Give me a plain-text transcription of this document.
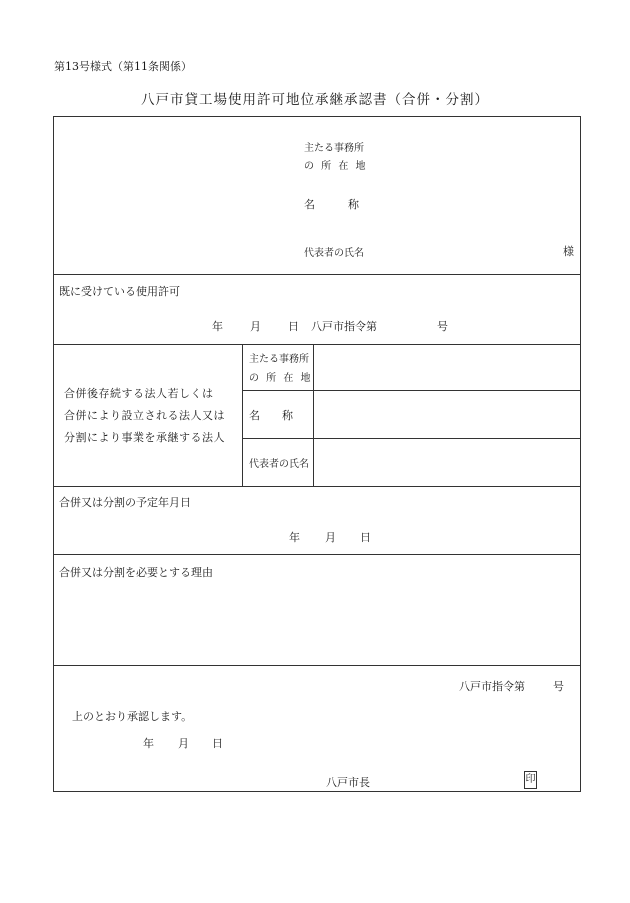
第13号様式（第11条関係）
八戸市貸工場使用許可地位承継承認書（合併・分割）
主たる事務所
の 所 在 地
名　　　称
代表者の氏名	様
既に受けている使用許可
年 月 日 八戸市指令第	号
合併後存続する法人若しくは
合併により設立される法人又は
分割により事業を承継する法人
主たる事務所
の 所 在 地
名　　称
代表者の氏名
合併又は分割の予定年月日
年 月 日
合併又は分割を必要とする理由
八戸市指令第	号
上のとおり承認します。
年 月 日
八戸市長	印
